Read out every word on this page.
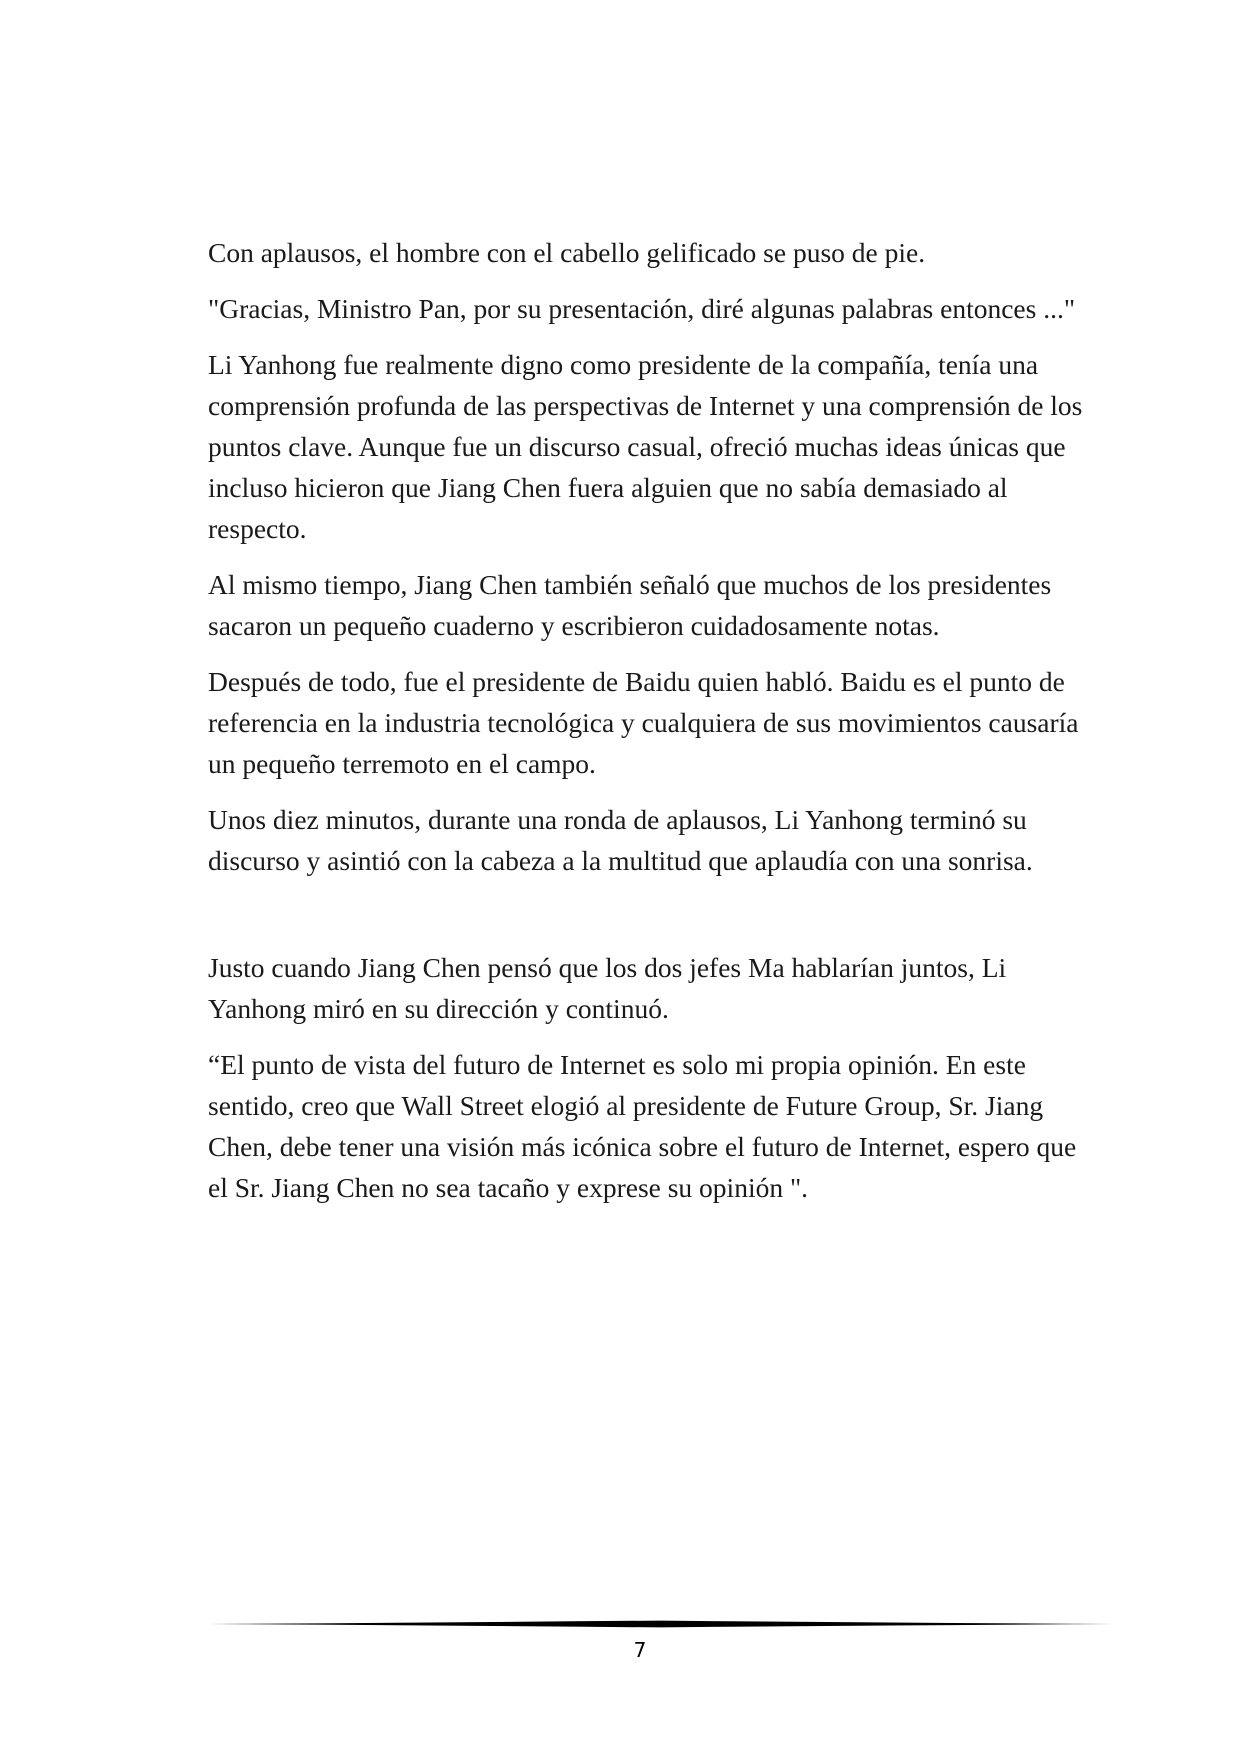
Con aplausos, el hombre con el cabello gelificado se puso de pie.

"Gracias, Ministro Pan, por su presentación, diré algunas palabras entonces ..."

Li Yanhong fue realmente digno como presidente de la compañía, tenía una comprensión profunda de las perspectivas de Internet y una comprensión de los puntos clave. Aunque fue un discurso casual, ofreció muchas ideas únicas que incluso hicieron que Jiang Chen fuera alguien que no sabía demasiado al respecto.

Al mismo tiempo, Jiang Chen también señaló que muchos de los presidentes sacaron un pequeño cuaderno y escribieron cuidadosamente notas.

Después de todo, fue el presidente de Baidu quien habló. Baidu es el punto de referencia en la industria tecnológica y cualquiera de sus movimientos causaría un pequeño terremoto en el campo.

Unos diez minutos, durante una ronda de aplausos, Li Yanhong terminó su discurso y asintió con la cabeza a la multitud que aplaudía con una sonrisa.

Justo cuando Jiang Chen pensó que los dos jefes Ma hablarían juntos, Li Yanhong miró en su dirección y continuó.

“El punto de vista del futuro de Internet es solo mi propia opinión. En este sentido, creo que Wall Street elogió al presidente de Future Group, Sr. Jiang Chen, debe tener una visión más icónica sobre el futuro de Internet, espero que el Sr. Jiang Chen no sea tacaño y exprese su opinión ".

7
